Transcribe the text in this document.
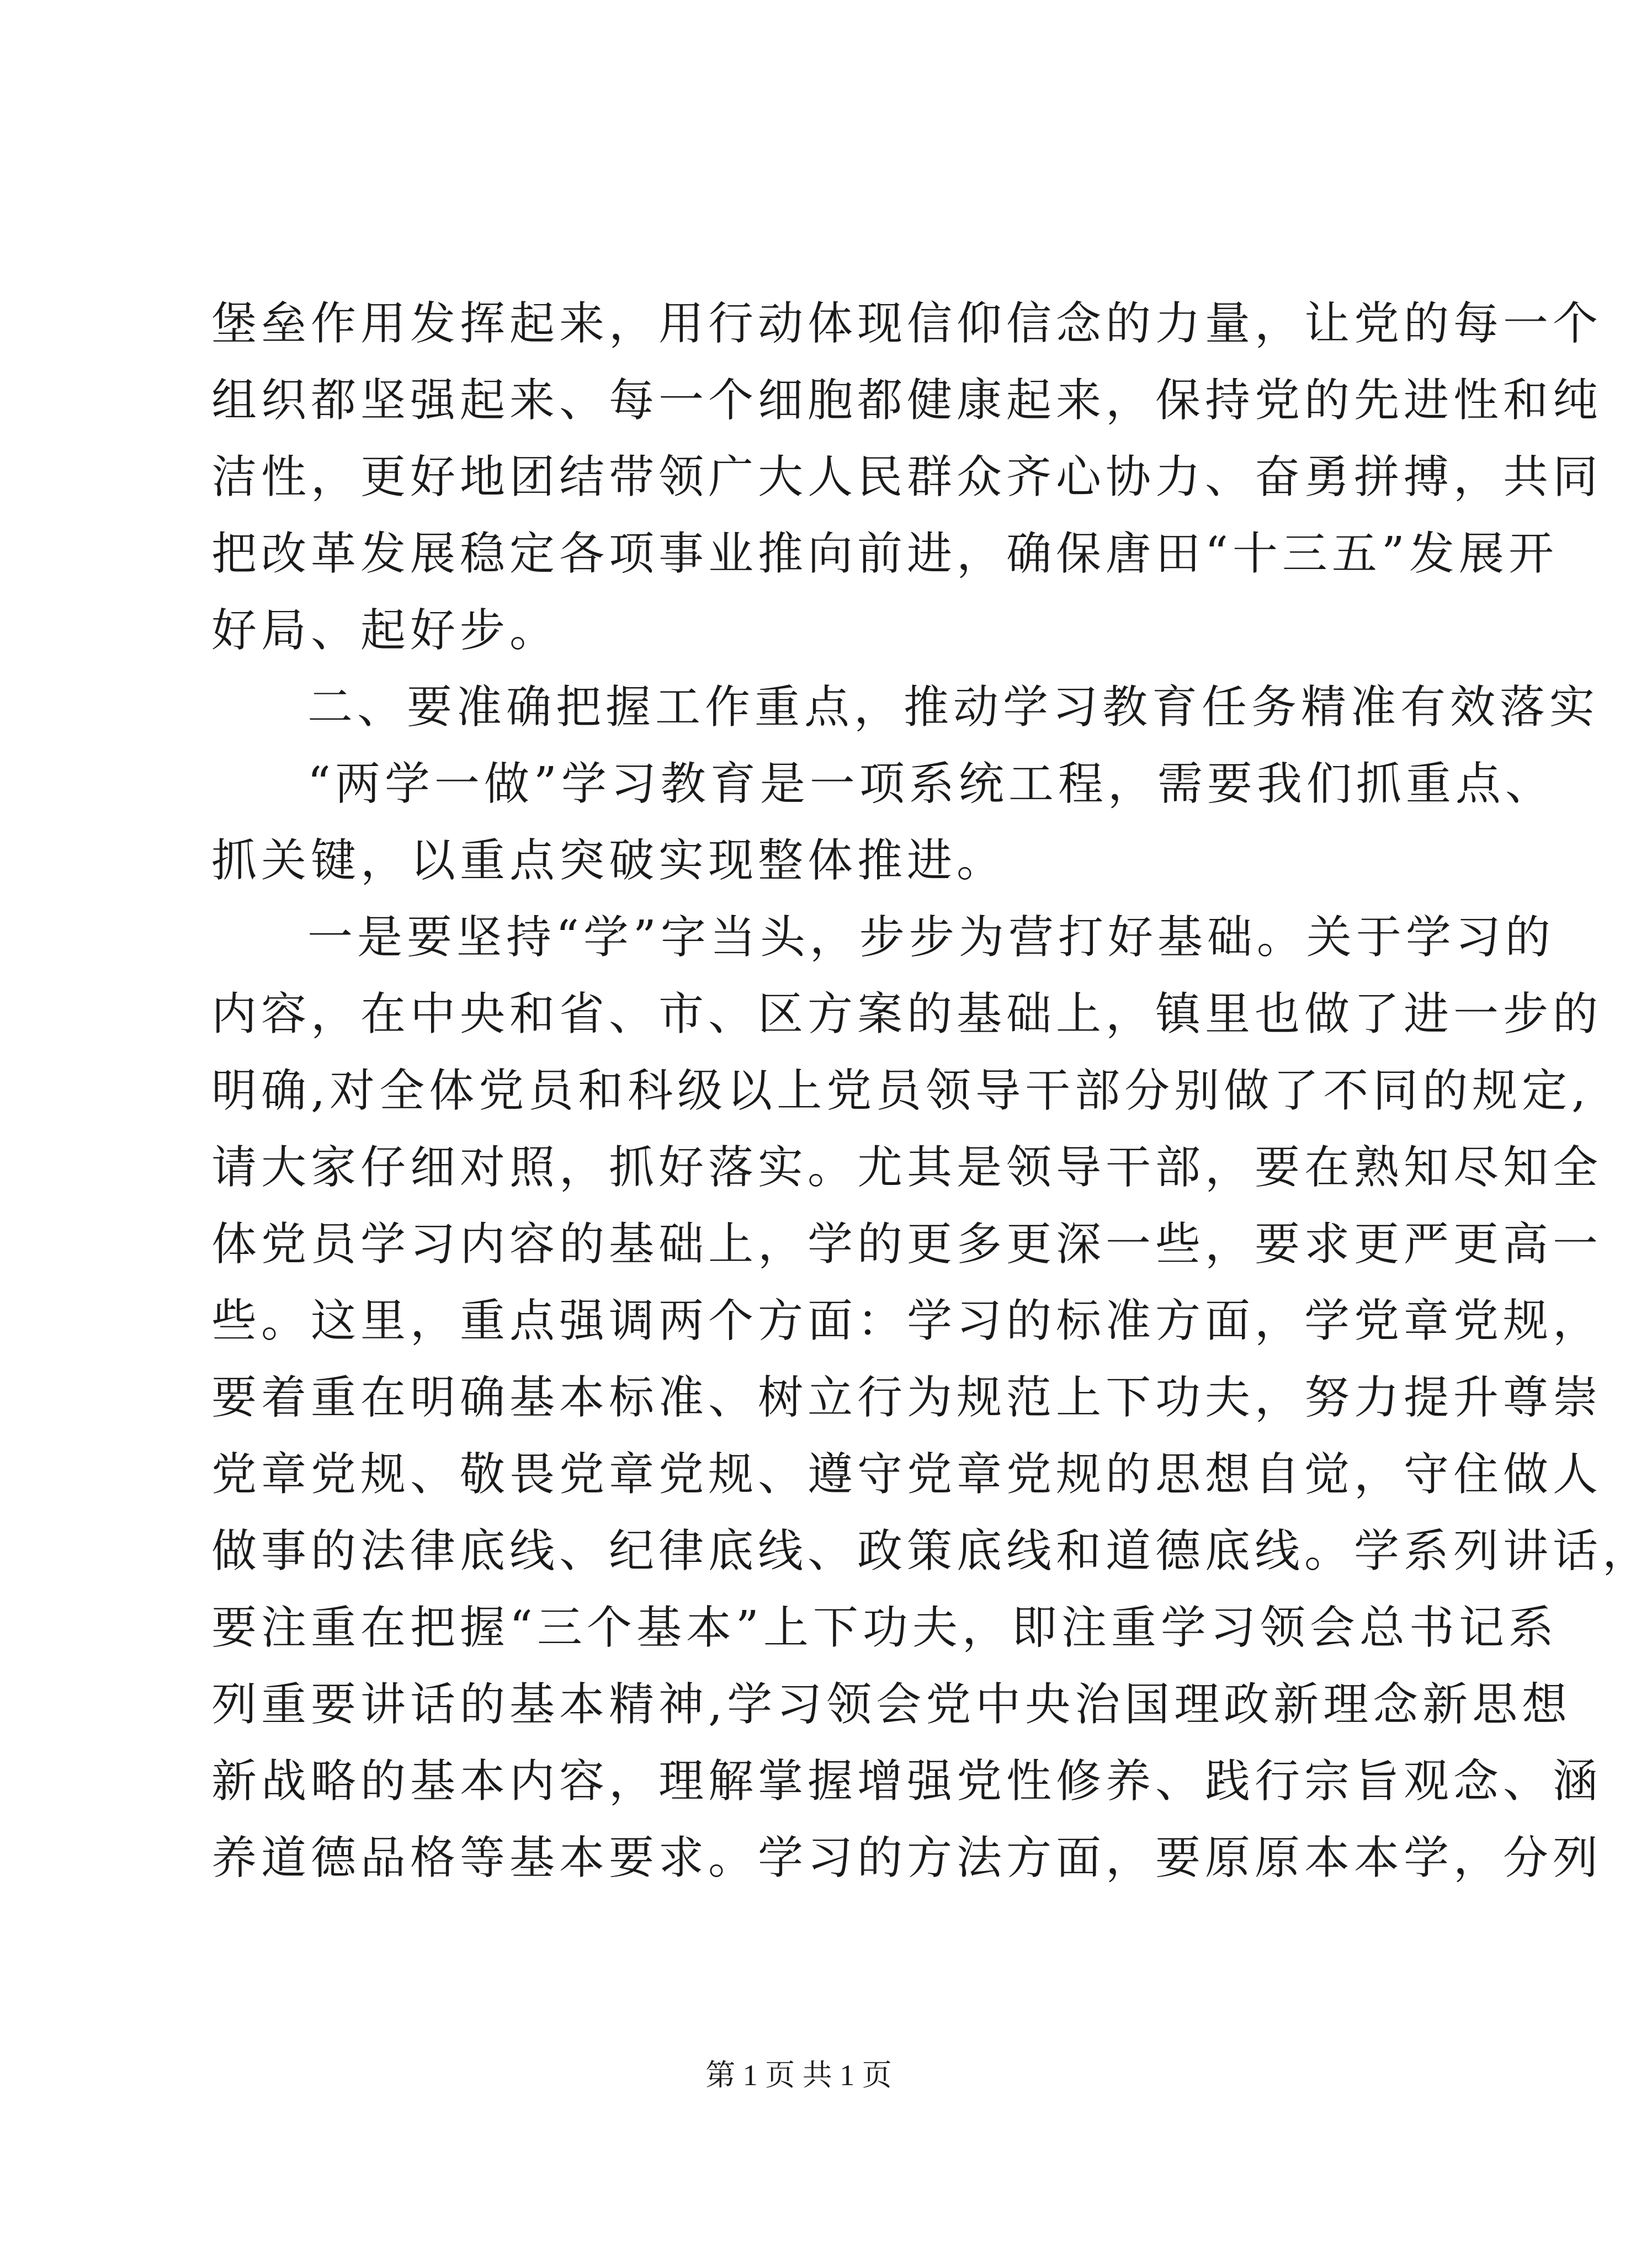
堡垒作用发挥起来，用行动体现信仰信念的力量，让党的每一个
组织都坚强起来、每一个细胞都健康起来，保持党的先进性和纯
洁性，更好地团结带领广大人民群众齐心协力、奋勇拼搏，共同
把改革发展稳定各项事业推向前进，确保唐田“十三五”发展开
好局、起好步。
二、要准确把握工作重点，推动学习教育任务精准有效落实
“两学一做”学习教育是一项系统工程，需要我们抓重点、
抓关键，以重点突破实现整体推进。
一是要坚持“学”字当头，步步为营打好基础。关于学习的
内容，在中央和省、市、区方案的基础上，镇里也做了进一步的
明确,对全体党员和科级以上党员领导干部分别做了不同的规定,
请大家仔细对照，抓好落实。尤其是领导干部，要在熟知尽知全
体党员学习内容的基础上，学的更多更深一些，要求更严更高一
些。这里，重点强调两个方面：学习的标准方面，学党章党规，
要着重在明确基本标准、树立行为规范上下功夫，努力提升尊崇
党章党规、敬畏党章党规、遵守党章党规的思想自觉，守住做人
做事的法律底线、纪律底线、政策底线和道德底线。学系列讲话，
要注重在把握“三个基本”上下功夫，即注重学习领会总书记系
列重要讲话的基本精神,学习领会党中央治国理政新理念新思想
新战略的基本内容，理解掌握增强党性修养、践行宗旨观念、涵
养道德品格等基本要求。学习的方法方面，要原原本本学，分列
第 1 页 共 1 页
